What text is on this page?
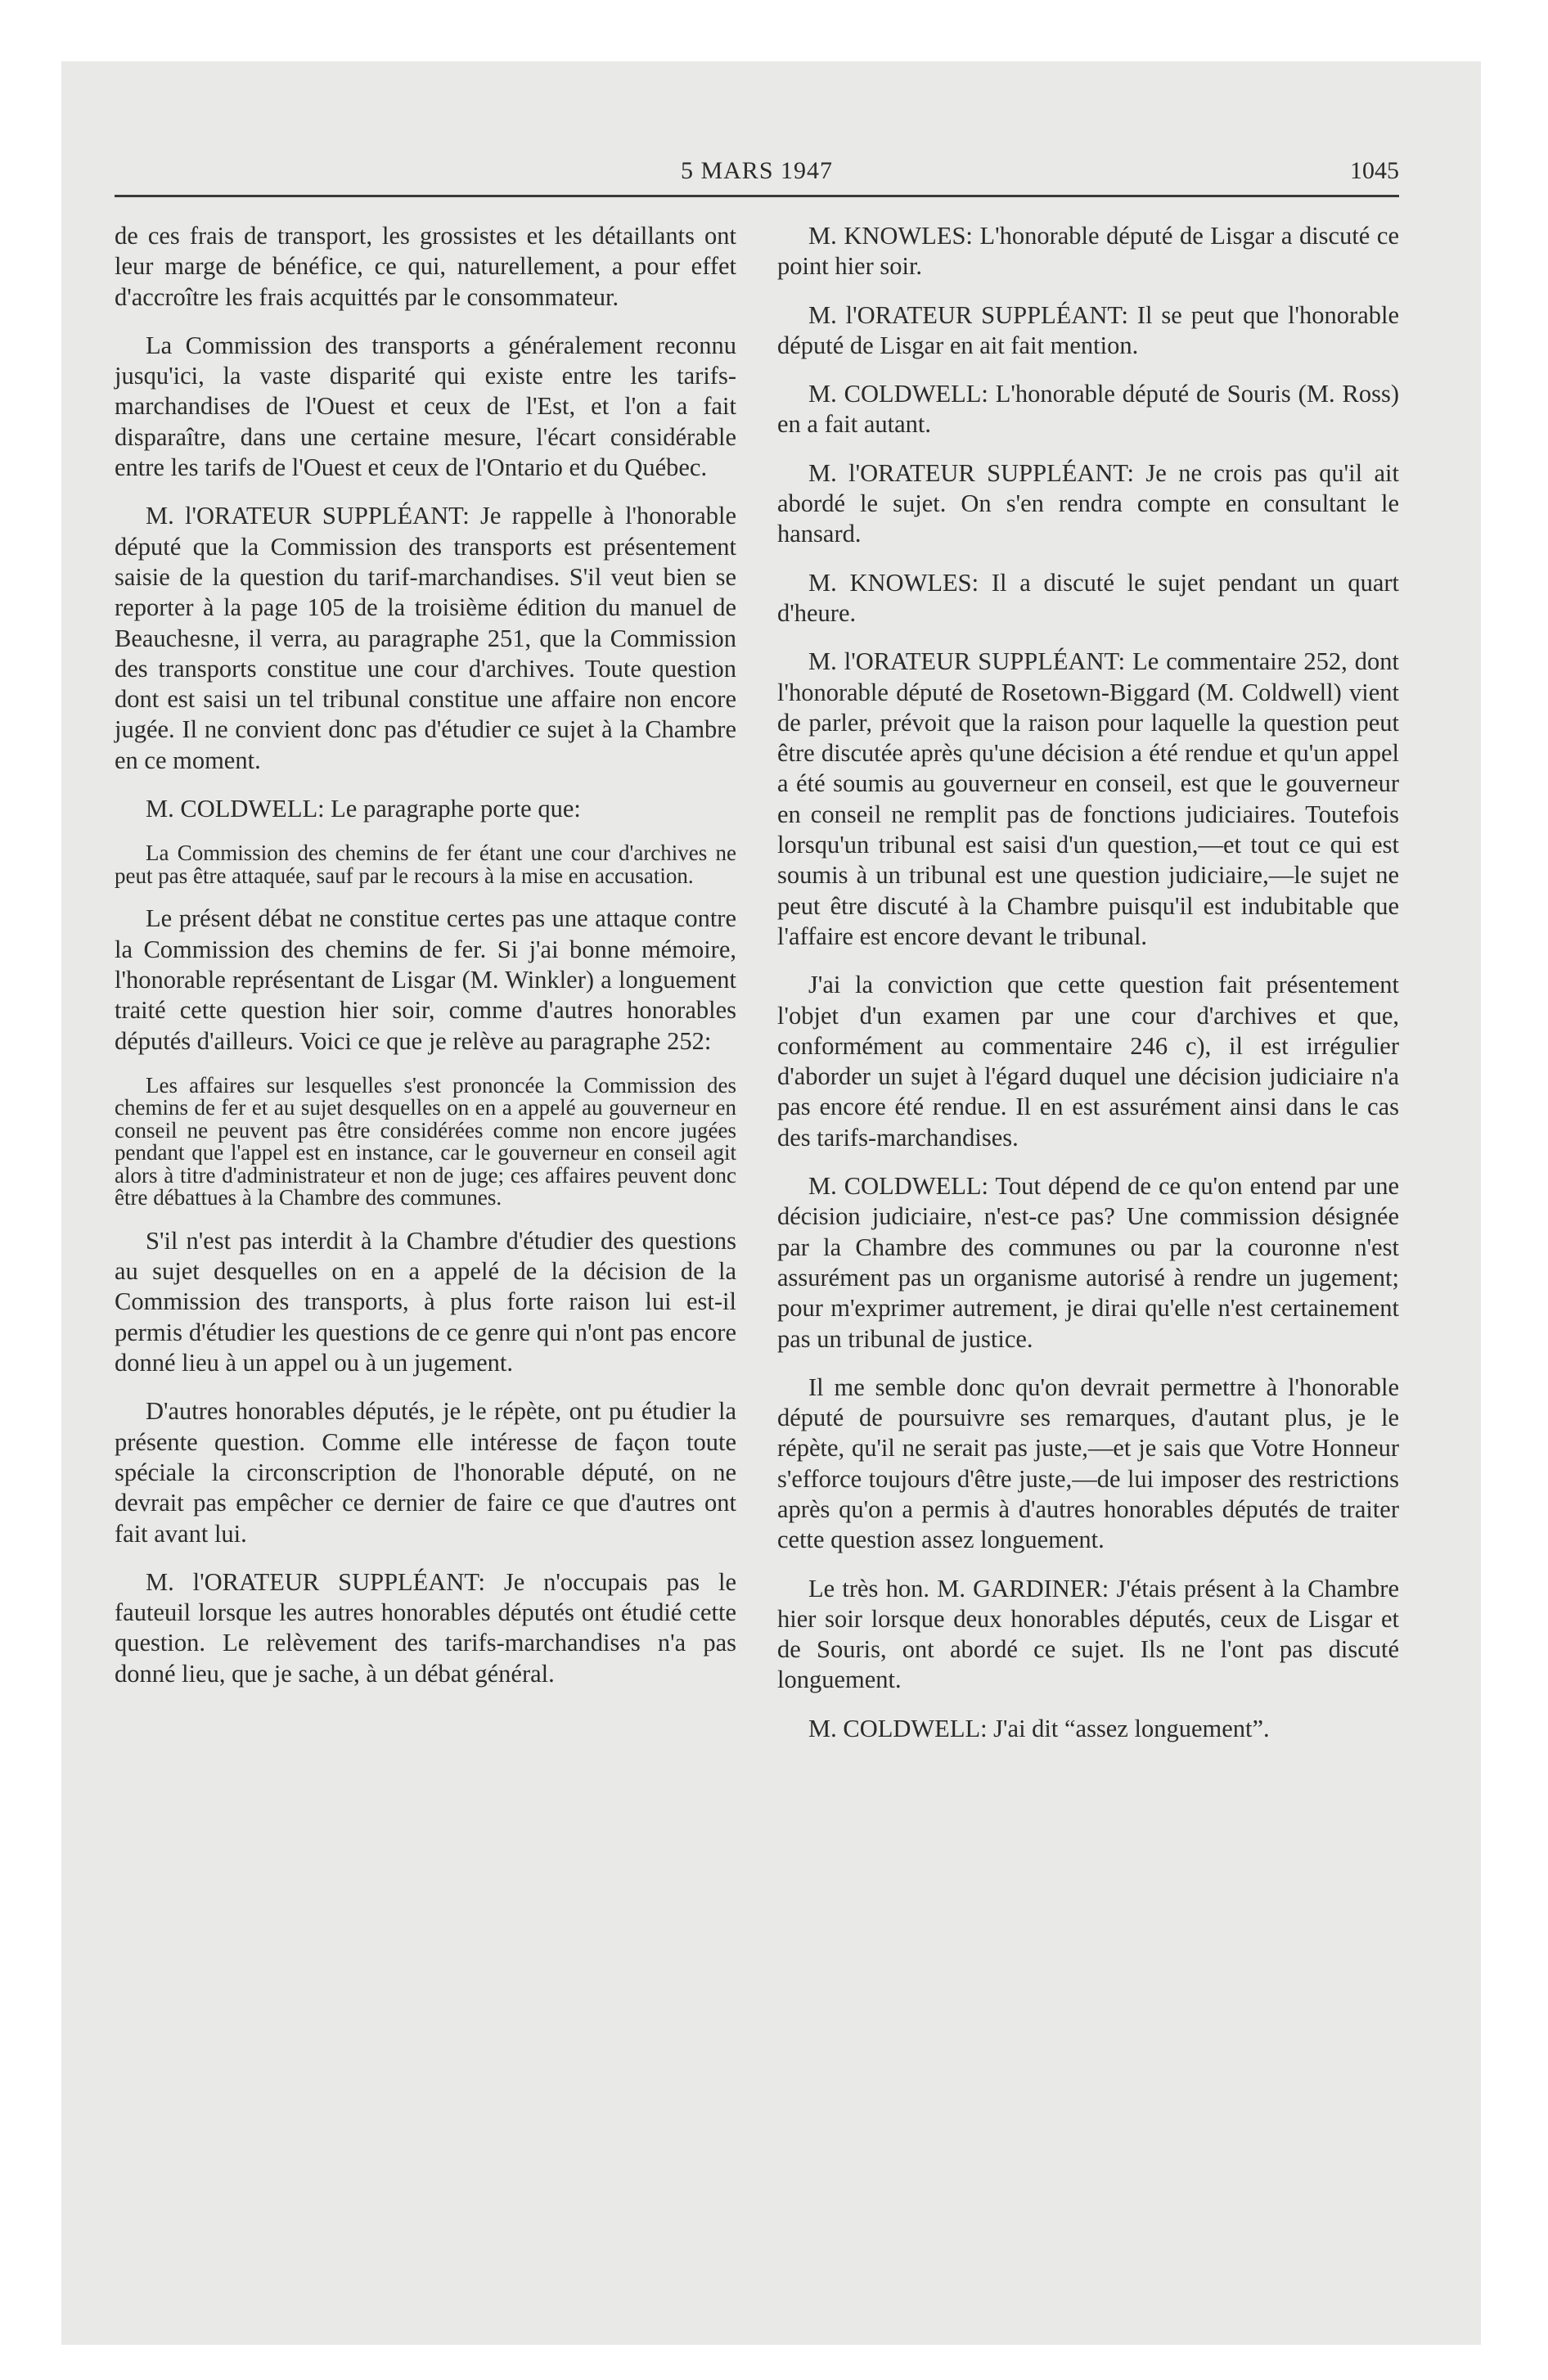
5 MARS 1947	1045

de ces frais de transport, les grossistes et les détaillants ont leur marge de bénéfice, ce qui, naturellement, a pour effet d'accroître les frais acquittés par le consommateur.

La Commission des transports a généralement reconnu jusqu'ici, la vaste disparité qui existe entre les tarifs-marchandises de l'Ouest et ceux de l'Est, et l'on a fait disparaître, dans une certaine mesure, l'écart considérable entre les tarifs de l'Ouest et ceux de l'Ontario et du Québec.

M. l'ORATEUR SUPPLÉANT: Je rappelle à l'honorable député que la Commission des transports est présentement saisie de la question du tarif-marchandises. S'il veut bien se reporter à la page 105 de la troisième édition du manuel de Beauchesne, il verra, au paragraphe 251, que la Commission des transports constitue une cour d'archives. Toute question dont est saisi un tel tribunal constitue une affaire non encore jugée. Il ne convient donc pas d'étudier ce sujet à la Chambre en ce moment.

M. COLDWELL: Le paragraphe porte que:

La Commission des chemins de fer étant une cour d'archives ne peut pas être attaquée, sauf par le recours à la mise en accusation.

Le présent débat ne constitue certes pas une attaque contre la Commission des chemins de fer. Si j'ai bonne mémoire, l'honorable représentant de Lisgar (M. Winkler) a longuement traité cette question hier soir, comme d'autres honorables députés d'ailleurs. Voici ce que je relève au paragraphe 252:

Les affaires sur lesquelles s'est prononcée la Commission des chemins de fer et au sujet desquelles on en a appelé au gouverneur en conseil ne peuvent pas être considérées comme non encore jugées pendant que l'appel est en instance, car le gouverneur en conseil agit alors à titre d'administrateur et non de juge; ces affaires peuvent donc être débattues à la Chambre des communes.

S'il n'est pas interdit à la Chambre d'étudier des questions au sujet desquelles on en a appelé de la décision de la Commission des transports, à plus forte raison lui est-il permis d'étudier les questions de ce genre qui n'ont pas encore donné lieu à un appel ou à un jugement.

D'autres honorables députés, je le répète, ont pu étudier la présente question. Comme elle intéresse de façon toute spéciale la circonscription de l'honorable député, on ne devrait pas empêcher ce dernier de faire ce que d'autres ont fait avant lui.

M. l'ORATEUR SUPPLÉANT: Je n'occupais pas le fauteuil lorsque les autres honorables députés ont étudié cette question. Le relèvement des tarifs-marchandises n'a pas donné lieu, que je sache, à un débat général.

M. KNOWLES: L'honorable député de Lisgar a discuté ce point hier soir.

M. l'ORATEUR SUPPLÉANT: Il se peut que l'honorable député de Lisgar en ait fait mention.

M. COLDWELL: L'honorable député de Souris (M. Ross) en a fait autant.

M. l'ORATEUR SUPPLÉANT: Je ne crois pas qu'il ait abordé le sujet. On s'en rendra compte en consultant le hansard.

M. KNOWLES: Il a discuté le sujet pendant un quart d'heure.

M. l'ORATEUR SUPPLÉANT: Le commentaire 252, dont l'honorable député de Rosetown-Biggard (M. Coldwell) vient de parler, prévoit que la raison pour laquelle la question peut être discutée après qu'une décision a été rendue et qu'un appel a été soumis au gouverneur en conseil, est que le gouverneur en conseil ne remplit pas de fonctions judiciaires. Toutefois lorsqu'un tribunal est saisi d'un question,—et tout ce qui est soumis à un tribunal est une question judiciaire,—le sujet ne peut être discuté à la Chambre puisqu'il est indubitable que l'affaire est encore devant le tribunal.

J'ai la conviction que cette question fait présentement l'objet d'un examen par une cour d'archives et que, conformément au commentaire 246 c), il est irrégulier d'aborder un sujet à l'égard duquel une décision judiciaire n'a pas encore été rendue. Il en est assurément ainsi dans le cas des tarifs-marchandises.

M. COLDWELL: Tout dépend de ce qu'on entend par une décision judiciaire, n'est-ce pas? Une commission désignée par la Chambre des communes ou par la couronne n'est assurément pas un organisme autorisé à rendre un jugement; pour m'exprimer autrement, je dirai qu'elle n'est certainement pas un tribunal de justice.

Il me semble donc qu'on devrait permettre à l'honorable député de poursuivre ses remarques, d'autant plus, je le répète, qu'il ne serait pas juste,—et je sais que Votre Honneur s'efforce toujours d'être juste,—de lui imposer des restrictions après qu'on a permis à d'autres honorables députés de traiter cette question assez longuement.

Le très hon. M. GARDINER: J'étais présent à la Chambre hier soir lorsque deux honorables députés, ceux de Lisgar et de Souris, ont abordé ce sujet. Ils ne l'ont pas discuté longuement.

M. COLDWELL: J'ai dit “assez longuement”.
